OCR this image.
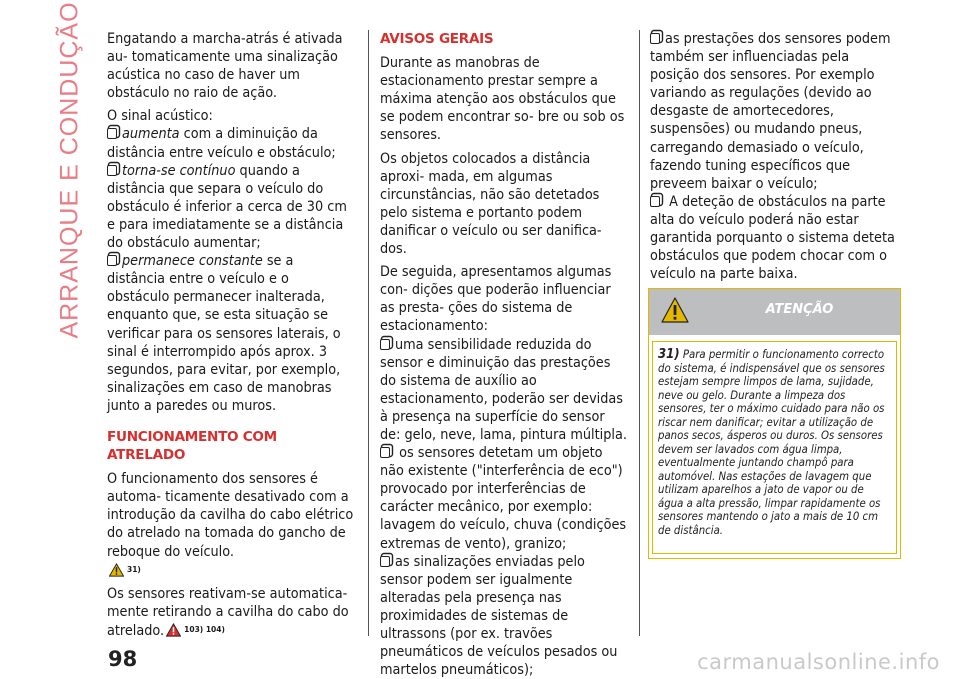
ARRANQUE E CONDUÇÃO Engatando a marcha-atrás é ativada au- tomaticamente uma sinalização acústica no caso de haver um obstáculo no raio de ação.

O sinal acústico:

aumenta com a diminuição da distância entre veículo e obstáculo;
torna-se contínuo quando a distância que separa o veículo do obstáculo é inferior a cerca de 30 cm e para imediatamente se a distância do obstáculo aumentar;
permanece constante se a distância entre o veículo e o obstáculo permanecer inalterada, enquanto que, se esta situação se verificar para os sensores laterais, o sinal é interrompido após aprox. 3 segundos, para evitar, por exemplo, sinalizações em caso de manobras junto a paredes ou muros.
FUNCIONAMENTO COM ATRELADO

O funcionamento dos sensores é automa- ticamente desativado com a introdução da cavilha do cabo elétrico do atrelado na tomada do gancho de reboque do veículo.
$^{31)}$

Os sensores reativam-se automatica- mente retirando a cavilha do cabo do atrelado.	$^{103) 104)}$

AVISOS GERAIS

Durante as manobras de estacionamento prestar sempre a máxima atenção aos obstáculos que se podem encontrar so- bre ou sob os sensores.

Os objetos colocados a distância aproxi- mada, em algumas circunstâncias, não são detetados pelo sistema e portanto podem danificar o veículo ou ser danifica- dos.

De seguida, apresentamos algumas con- dições que poderão influenciar as presta- ções do sistema de estacionamento:

uma sensibilidade reduzida do sensor e diminuição das prestações do sistema de auxílio ao estacionamento, poderão ser devidas à presença na superfície do sensor de: gelo, neve, lama, pintura múltipla.
os sensores detetam um objeto não existente ("interferência de eco") provocado por interferências de carácter mecânico, por exemplo: lavagem do veículo, chuva (condições extremas de vento), granizo;
as sinalizações enviadas pelo sensor podem ser igualmente alteradas pela presença nas proximidades de sistemas de ultrassons (por ex. travões pneumáticos de veículos pesados ou martelos pneumáticos);
as prestações dos sensores podem também ser influenciadas pela posição dos sensores. Por exemplo variando as regulações (devido ao desgaste de amortecedores, suspensões) ou mudando pneus, carregando demasiado o veículo, fazendo tuning específicos que preveem baixar o veículo;
A deteção de obstáculos na parte alta do veículo poderá não estar garantida porquanto o sistema deteta obstáculos que podem chocar com o veículo na parte baixa.
ATENÇÃO
31) Para permitir o funcionamento correcto do sistema, é indispensável que os sensores estejam sempre limpos de lama, sujidade, neve ou gelo. Durante a limpeza dos sensores, ter o máximo cuidado para não os riscar nem danificar; evitar a utilização de panos secos, ásperos ou duros. Os sensores devem ser lavados com água limpa, eventualmente juntando champô para automóvel. Nas estações de lavagem que utilizam aparelhos a jato de vapor ou de água a alta pressão, limpar rapidamente os sensores mantendo o jato a mais de 10 cm de distância.
98	carmanualsonline.info
